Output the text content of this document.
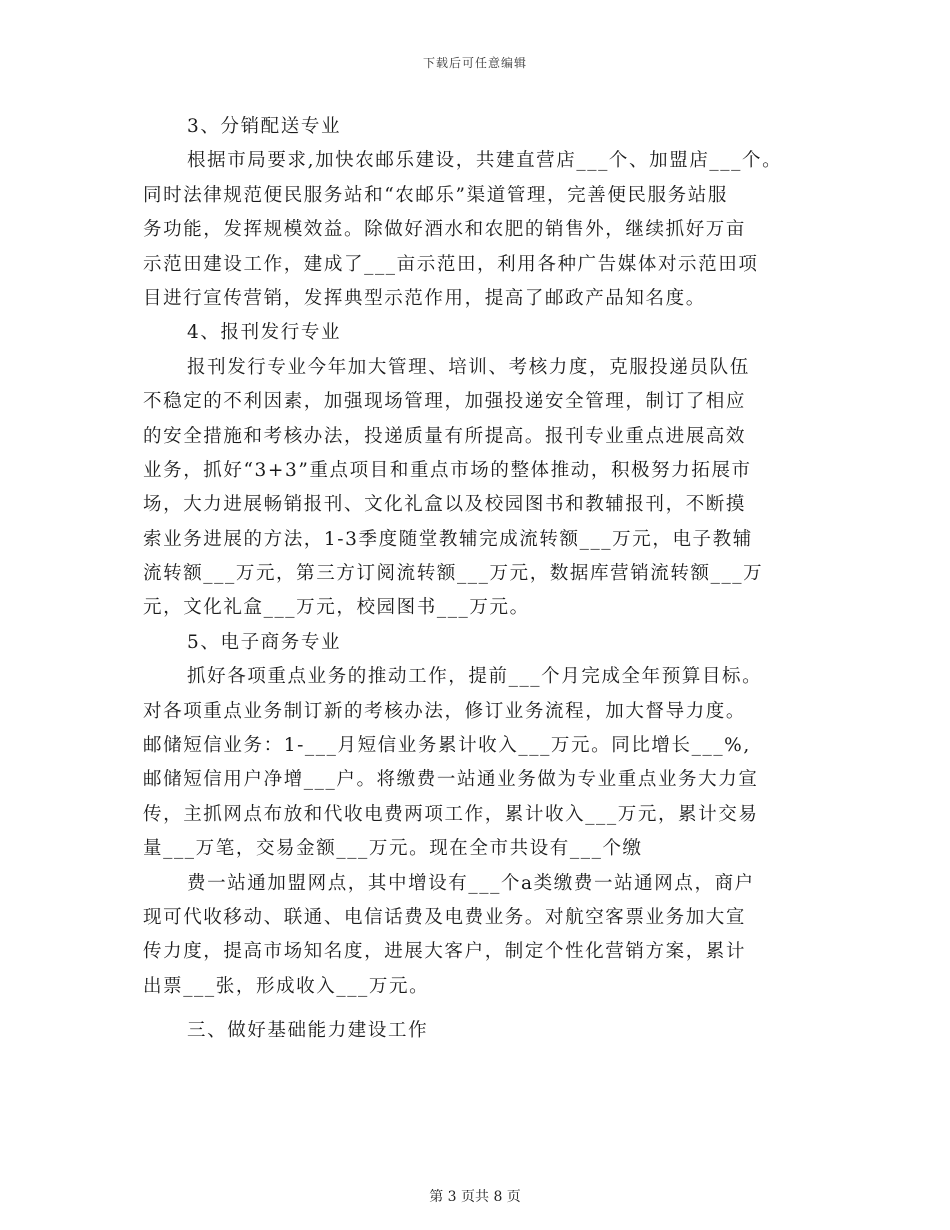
下载后可任意编辑
3、分销配送专业
根据市局要求,加快农邮乐建设，共建直营店___个、加盟店___个。
同时法律规范便民服务站和“农邮乐”渠道管理，完善便民服务站服
务功能，发挥规模效益。除做好酒水和农肥的销售外，继续抓好万亩
示范田建设工作，建成了___亩示范田，利用各种广告媒体对示范田项
目进行宣传营销，发挥典型示范作用，提高了邮政产品知名度。
4、报刊发行专业
报刊发行专业今年加大管理、培训、考核力度，克服投递员队伍
不稳定的不利因素，加强现场管理，加强投递安全管理，制订了相应
的安全措施和考核办法，投递质量有所提高。报刊专业重点进展高效
业务，抓好“3+3”重点项目和重点市场的整体推动，积极努力拓展市
场，大力进展畅销报刊、文化礼盒以及校园图书和教辅报刊，不断摸
索业务进展的方法，1-3季度随堂教辅完成流转额___万元，电子教辅
流转额___万元，第三方订阅流转额___万元，数据库营销流转额___万
元，文化礼盒___万元，校园图书___万元。
5、电子商务专业
抓好各项重点业务的推动工作，提前___个月完成全年预算目标。
对各项重点业务制订新的考核办法，修订业务流程，加大督导力度。
邮储短信业务：1-___月短信业务累计收入___万元。同比增长___%,
邮储短信用户净增___户。将缴费一站通业务做为专业重点业务大力宣
传，主抓网点布放和代收电费两项工作，累计收入___万元，累计交易
量___万笔，交易金额___万元。现在全市共设有___个缴
费一站通加盟网点，其中增设有___个a类缴费一站通网点，商户
现可代收移动、联通、电信话费及电费业务。对航空客票业务加大宣
传力度，提高市场知名度，进展大客户，制定个性化营销方案，累计
出票___张，形成收入___万元。
三、做好基础能力建设工作
第 3 页共 8 页
